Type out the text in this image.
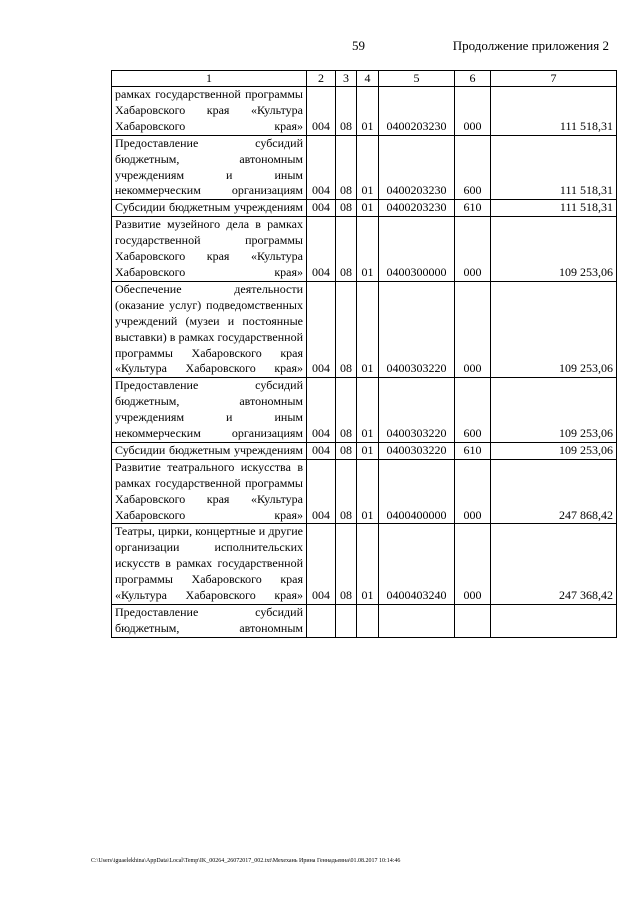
59	Продолжение приложения 2
1	2	3	4	5	6	7
рамках государственной программы Хабаровского края «Культура Хабаровского края»	004	08	01	0400203230	000	111 518,31
Предоставление субсидий бюджетным, автономным учреждениям и иным некоммерческим организациям	004	08	01	0400203230	600	111 518,31
Субсидии бюджетным учреждениям	004	08	01	0400203230	610	111 518,31
Развитие музейного дела в рамках государственной программы Хабаровского края «Культура Хабаровского края»	004	08	01	0400300000	000	109 253,06
Обеспечение деятельности (оказание услуг) подведомственных учреждений (музеи и постоянные выставки) в рамках государственной программы Хабаровского края «Культура Хабаровского края»	004	08	01	0400303220	000	109 253,06
Предоставление субсидий бюджетным, автономным учреждениям и иным некоммерческим организациям	004	08	01	0400303220	600	109 253,06
Субсидии бюджетным учреждениям	004	08	01	0400303220	610	109 253,06
Развитие театрального искусства в рамках государственной программы Хабаровского края «Культура Хабаровского края»	004	08	01	0400400000	000	247 868,42
Театры, цирки, концертные и другие организации исполнительских искусств в рамках государственной программы Хабаровского края «Культура Хабаровского края»	004	08	01	0400403240	000	247 368,42
Предоставление субсидий бюджетным, автономным						
C:\Users\iguaelekhina\AppData\Local\Temp\IK_00264_26072017_002.txt\Мехехань Ирина Геннадьевна\01.08.2017 10:14:46
